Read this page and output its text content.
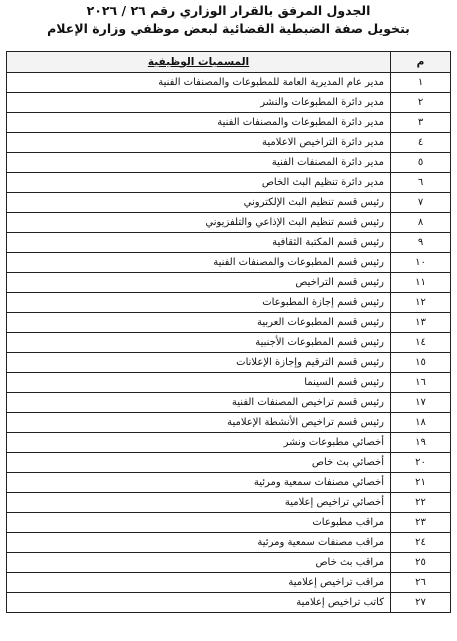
الجدول المرفق بالقرار الوزاري رقم ٢٦ / ٢٠٢٦
بتخويل صفة الضبطية القضائية لبعض موظفي وزارة الإعلام
م	المسميات الوظيفية
١	مدير عام المديرية العامة للمطبوعات والمصنفات الفنية
٢	مدير دائرة المطبوعات والنشر
٣	مدير دائرة المطبوعات والمصنفات الفنية
٤	مدير دائرة التراخيص الاعلامية
٥	مدير دائرة المصنفات الفنية
٦	مدير دائرة تنظيم البث الخاص
٧	رئيس قسم تنظيم البث الإلكتروني
٨	رئيس قسم تنظيم البث الإذاعي والتلفزيوني
٩	رئيس قسم المكتبة الثقافية
١٠	رئيس قسم المطبوعات والمصنفات الفنية
١١	رئيس قسم التراخيص
١٢	رئيس قسم إجازة المطبوعات
١٣	رئيس قسم المطبوعات العربية
١٤	رئيس قسم المطبوعات الأجنبية
١٥	رئيس قسم الترقيم وإجازة الإعلانات
١٦	رئيس قسم السينما
١٧	رئيس قسم تراخيص المصنفات الفنية
١٨	رئيس قسم تراخيص الأنشطة الإعلامية
١٩	أخصائي مطبوعات ونشر
٢٠	أخصائي بث خاص
٢١	أخصائي مصنفات سمعية ومرئية
٢٢	أخصائي تراخيص إعلامية
٢٣	مراقب مطبوعات
٢٤	مراقب مصنفات سمعية ومرئية
٢٥	مراقب بث خاص
٢٦	مراقب تراخيص إعلامية
٢٧	كاتب تراخيص إعلامية
